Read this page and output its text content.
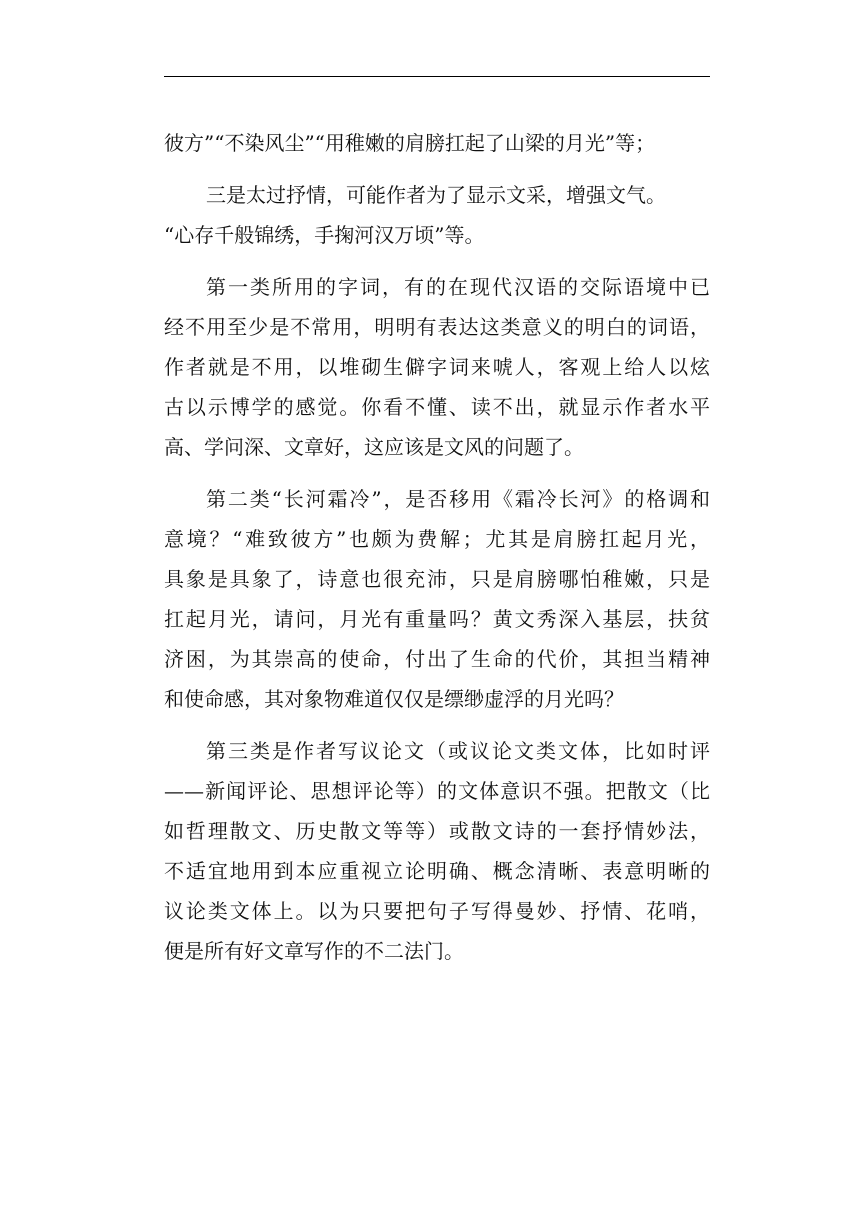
彼方”“不染风尘”“用稚嫩的肩膀扛起了山梁的月光”等；
三是太过抒情，可能作者为了显示文采，增强文气。
“心存千般锦绣，手掬河汉万顷”等。
第一类所用的字词，有的在现代汉语的交际语境中已
经不用至少是不常用，明明有表达这类意义的明白的词语，
作者就是不用，以堆砌生僻字词来唬人，客观上给人以炫
古以示博学的感觉。你看不懂、读不出，就显示作者水平
高、学问深、文章好，这应该是文风的问题了。
第二类“长河霜冷”，是否移用《霜冷长河》的格调和
意境？“难致彼方”也颇为费解；尤其是肩膀扛起月光，
具象是具象了，诗意也很充沛，只是肩膀哪怕稚嫩，只是
扛起月光，请问，月光有重量吗？黄文秀深入基层，扶贫
济困，为其崇高的使命，付出了生命的代价，其担当精神
和使命感，其对象物难道仅仅是缥缈虚浮的月光吗？
第三类是作者写议论文（或议论文类文体，比如时评
——新闻评论、思想评论等）的文体意识不强。把散文（比
如哲理散文、历史散文等等）或散文诗的一套抒情妙法，
不适宜地用到本应重视立论明确、概念清晰、表意明晰的
议论类文体上。以为只要把句子写得曼妙、抒情、花哨，
便是所有好文章写作的不二法门。
